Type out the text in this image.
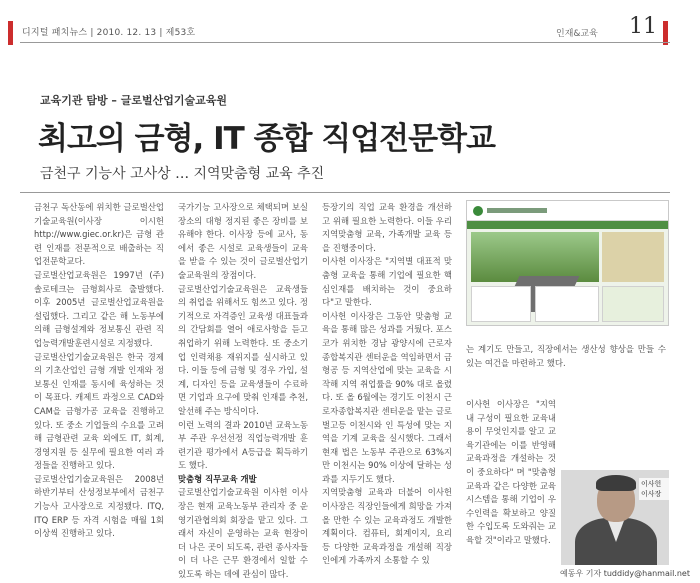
디지털 패치뉴스 | 2010. 12. 13 | 제53호	인재&교육 11
교육기관 탐방 – 글로벌산업기술교육원
최고의 금형, IT 종합 직업전문학교
금천구 기능사 고사상 … 지역맞춤형 교육 추진

금천구 독산동에 위치한 글로벌산업기술교육원(이사장 이시헌 http://www.giec.or.kr)은 금형 관련 인재를 전문적으로 배출하는 직업전문학교다.

글로벌산업교육원은 1997년 (주)솔로테크는 금형회사로 출발했다. 이후 2005년 글로벌산업교육원을 설립했다. 그리고 같은 해 노동부에 의해 금형설계와 정보통신 관련 직업능력개발훈련시설로 지정됐다.

글로벌산업기술교육원은 한국 경제의 기초산업인 금형 개발 인재와 정보통신 인재를 동시에 육성하는 것이 목표다. 캐제트 과정으로 CAD와 CAM을 금형가공 교육을 진행하고 있다. 또 중소 기업들의 수요를 고려해 금형관련 교육 외에도 IT, 회계, 경영지원 등 실무에 필요한 여러 과정들을 진행하고 있다.

글로벌산업기술교육원은 2008년 하반기부터 산성정보부에서 금천구 기능사 고사장으로 지정됐다. ITQ, ITQ ERP 등 자격 시험을 매월 1회 이상씩 진행하고 있다.

국가기능 고사장으로 체택되며 보실 장소의 대형 정지된 좋은 장비를 보유해야 한다. 이사장 등에 교사, 동에서 좋은 시설로 교육생들이 교육을 받을 수 있는 것이 글로벌산업기술교육원의 장점이다.

글로벌산업기술교육원은 교육생들의 취업을 위해서도 힘쓰고 있다. 정기적으로 자격증인 교육생 대표들과의 간담회를 열어 애로사항을 듣고 취업하기 위해 노력한다. 또 중소기업 인력채용 재위지를 실시하고 있다. 이들 등에 금형 및 경우 가입, 설계, 디자인 등을 교육생들이 수료하면 기업과 요구에 맞춰 인재를 추천, 알선해 주는 방식이다.

이런 노력의 결과 2010년 교육노동부 주관 우선선정 직업능력개발 훈련기관 평가에서 A등급을 획득하기도 했다.

맞춤형 직무교육 개발

글로벌산업기술교육원 이사헌 이사장은 현재 교육노동부 관리자 중 운영기관협의회 회장을 맡고 있다. 그래서 자신이 운영하는 교육 현장이 더 나은 곳이 되도록, 관련 종사자들이 더 나은 근무 환경에서 일할 수 있도록 하는 데에 관심이 많다.

등장기의 직업 교육 환경을 개선하고 위해 필요한 노력한다. 이들 우리 지역맞춤형 교육, 가족개발 교육 등을 진행중이다.

이사헌 이사장은 "지역별 대표적 맞춤형 교육을 통해 기업에 필요한 핵심인재를 배치하는 것이 중요하다"고 말한다.

이사헌 이사장은 그동안 맞춤형 교육을 통해 많은 성과를 거뒀다. 포스코가 위치한 경남 광양시에 근로자 종합복지관 센터운을 역임하면서 금형공 등 지역산업에 맞는 교육을 시작해 지역 취업률을 90% 대로 올렸다. 또 올 6월에는 경기도 이천시 근로자종합복지관 센터운을 맡는 글로벌고등 이천시와 인 특성에 맞는 지역을 기계 교육을 실시했다. 그래서 현재 법은 노동부 주관으로 63%지만 이천시는 90% 이상에 달하는 성과를 지두기도 했다.

지역맞춤형 교육과 더불어 이사헌 이사장은 직장인들에게 희망을 가져올 만한 수 있는 교육과정도 개발한 계획이다. 컴퓨터, 회계이지, 요리 등 다양한 교육과정을 개설해 직장인에게 가족까지 소통할 수 있

는 계기도 만들고, 직장에서는 생산성 향상을 만들 수 있는 여건을 마련하고 했다.

이사헌 이사장은 "지역 내 구성이 필요한 교육내용이 무엇인지를 알고 교육기관에는 이를 반영해 교육과정을 개설하는 것이 중요하다" 며 "맞춤형 교육과 같은 다양한 교육 시스템을 통해 기업이 우수인력을 확보하고 양질한 수입도록 도와줘는 교육할 것"이라고 말했다.

이사헌 이사장
예동우 기자 tuddidy@hanmail.net
